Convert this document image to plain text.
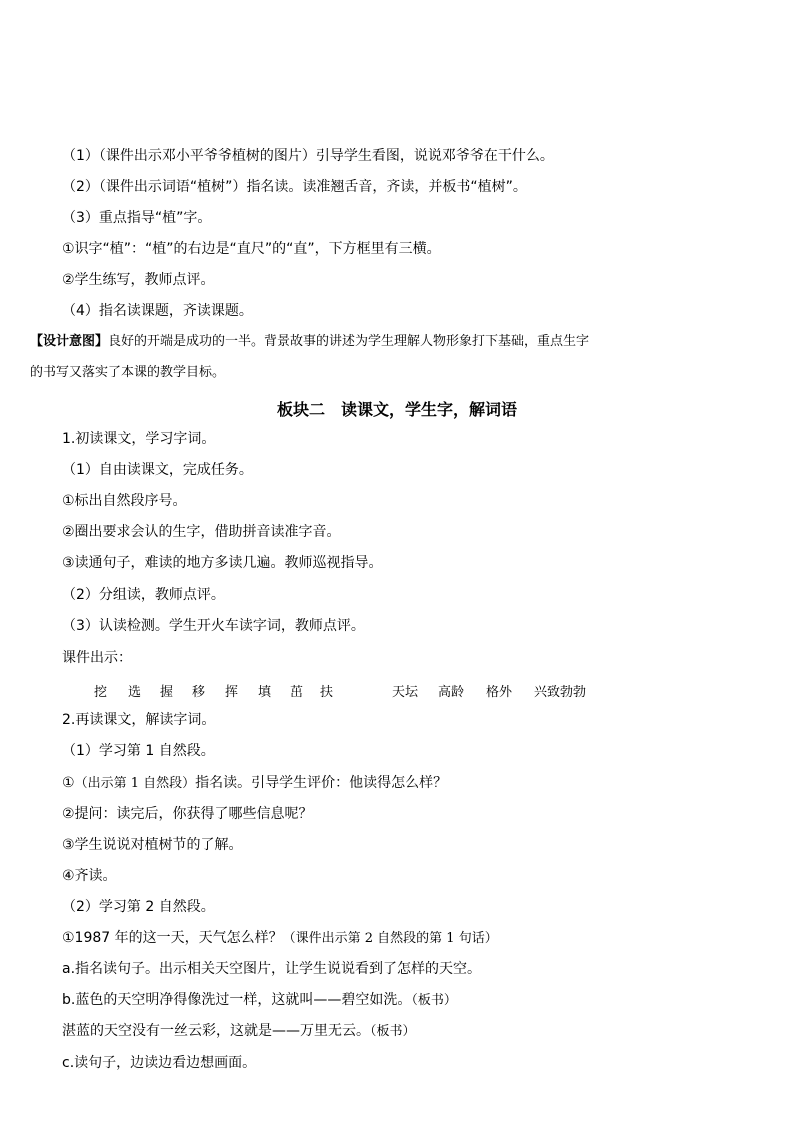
（1）（课件出示邓小平爷爷植树的图片）引导学生看图，说说邓爷爷在干什么。
（2）（课件出示词语“植树”）指名读。读准翘舌音，齐读，并板书“植树”。
（3）重点指导“植”字。
①识字“植”：“植”的右边是“直尺”的“直”，下方框里有三横。
②学生练写，教师点评。
（4）指名读课题，齐读课题。
【设计意图】良好的开端是成功的一半。背景故事的讲述为学生理解人物形象打下基础，重点生字
的书写又落实了本课的教学目标。
板块二　读课文，学生字，解词语
1.初读课文，学习字词。
（1）自由读课文，完成任务。
①标出自然段序号。
②圈出要求会认的生字，借助拼音读准字音。
③读通句子，难读的地方多读几遍。教师巡视指导。
（2）分组读，教师点评。
（3）认读检测。学生开火车读字词，教师点评。
课件出示：
挖 选 握 移 挥 填 茁 扶	天坛 高龄 格外 兴致勃勃
2.再读课文，解读字词。
（1）学习第 1 自然段。
①（出示第 1 自然段）指名读。引导学生评价：他读得怎么样？
②提问：读完后，你获得了哪些信息呢？
③学生说说对植树节的了解。
④齐读。
（2）学习第 2 自然段。
①1987 年的这一天，天气怎么样？（课件出示第 2 自然段的第 1 句话）
a.指名读句子。出示相关天空图片，让学生说说看到了怎样的天空。
b.蓝色的天空明净得像洗过一样，这就叫——碧空如洗。（板书）
湛蓝的天空没有一丝云彩，这就是——万里无云。（板书）
c.读句子，边读边看边想画面。
